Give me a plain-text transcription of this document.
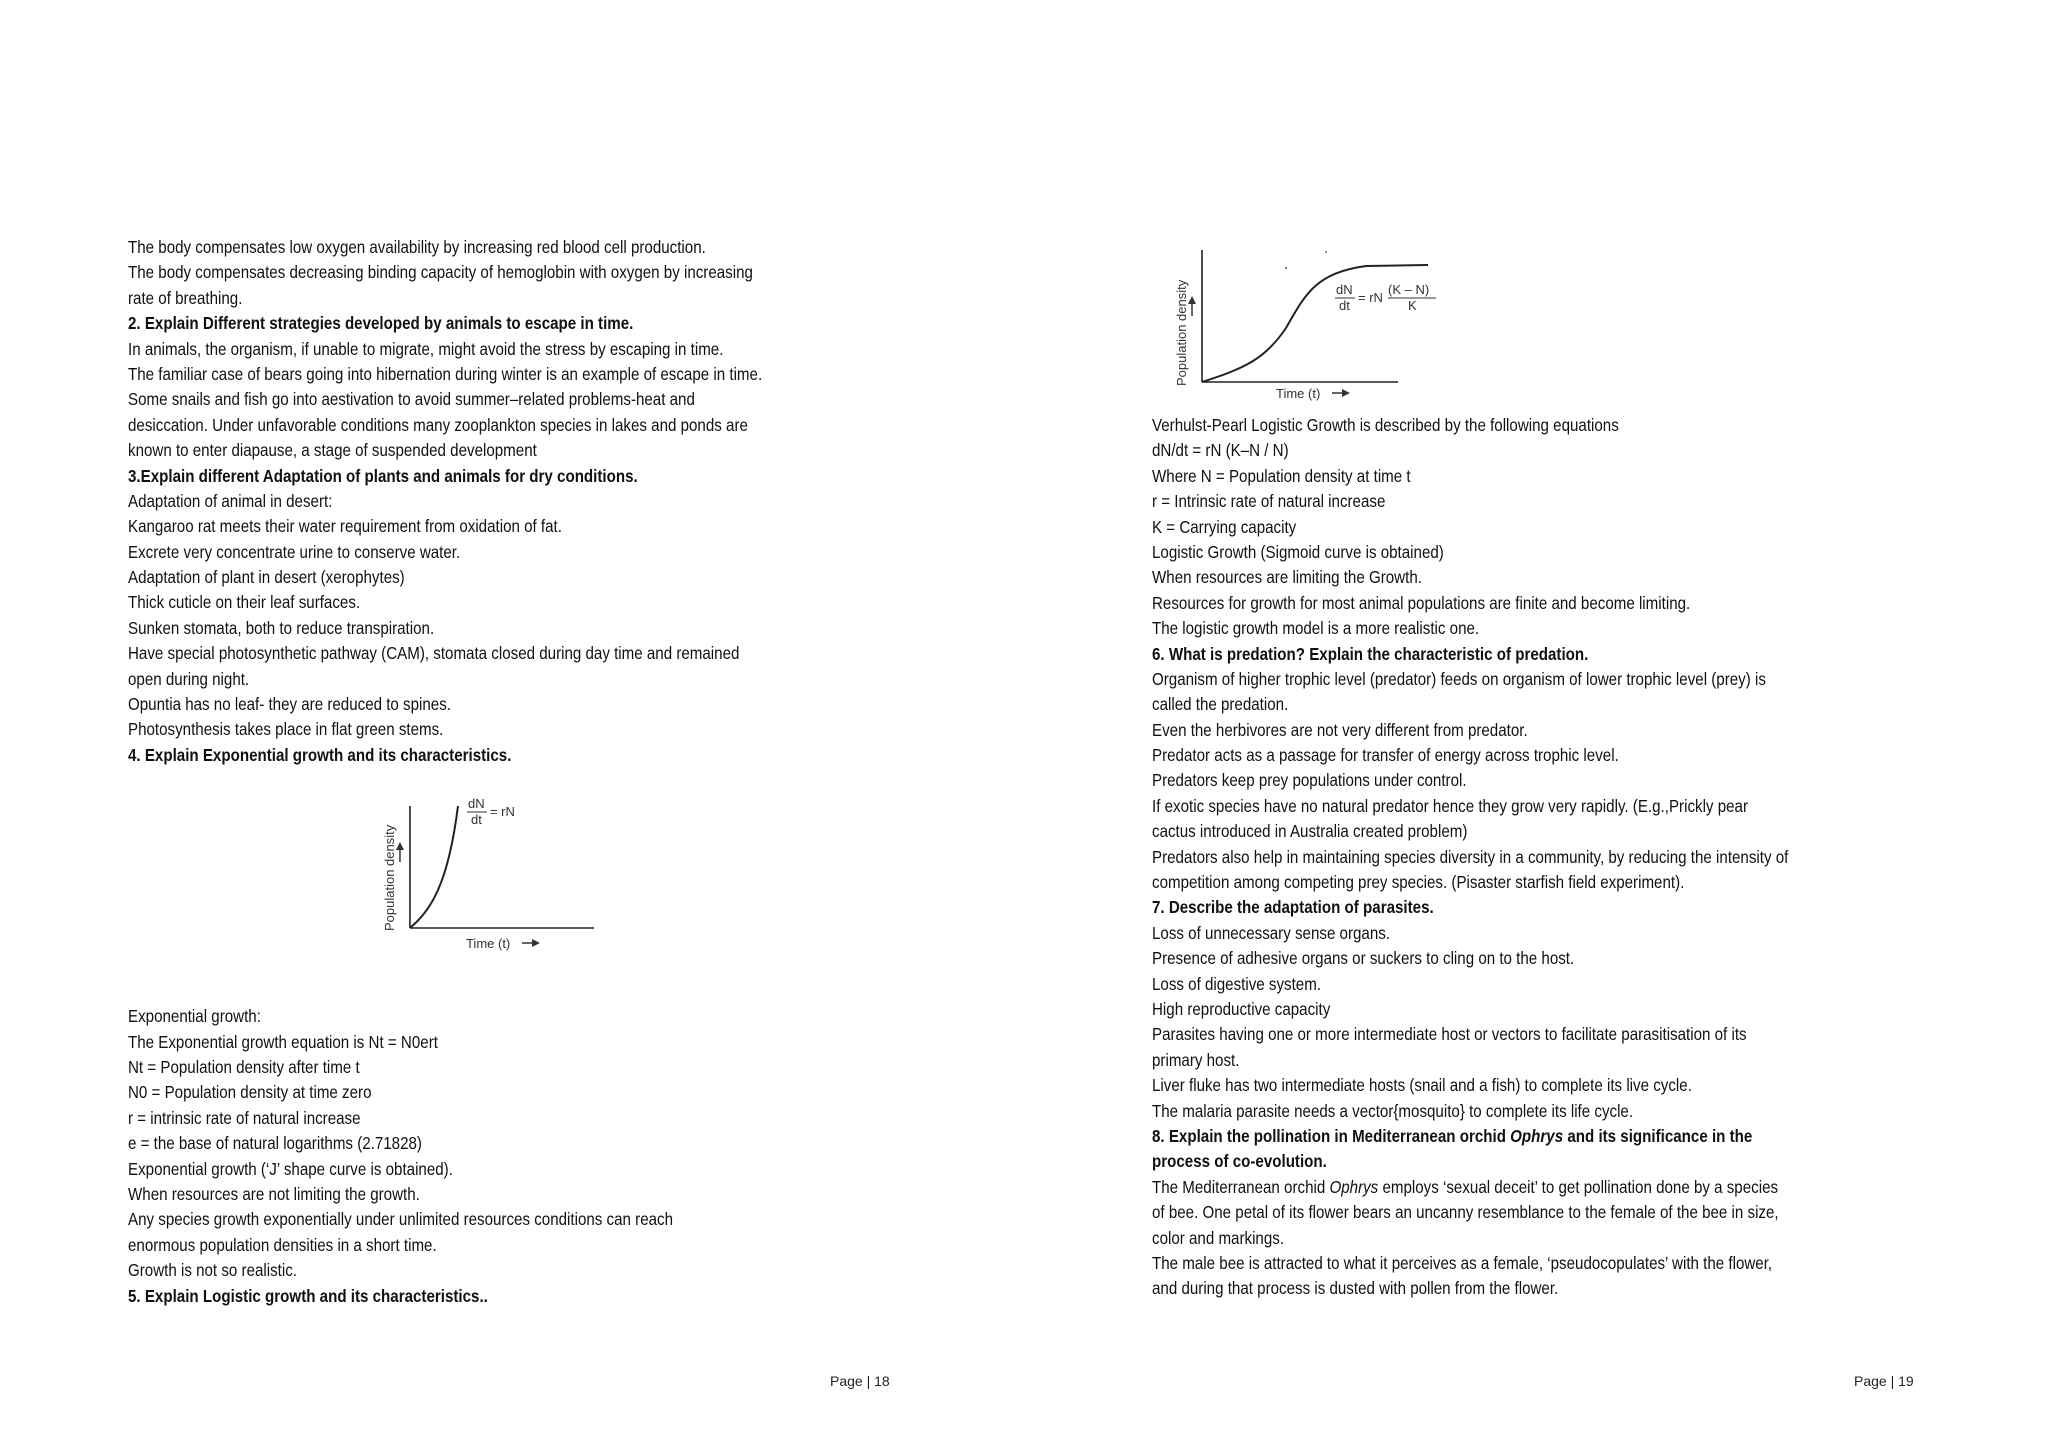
The body compensates low oxygen availability by increasing red blood cell production.
The body compensates decreasing binding capacity of hemoglobin with oxygen by increasing
rate of breathing.
2. Explain Different strategies developed by animals to escape in time.
In animals, the organism, if unable to migrate, might avoid the stress by escaping in time.
The familiar case of bears going into hibernation during winter is an example of escape in time.
Some snails and fish go into aestivation to avoid summer–related problems-heat and
desiccation. Under unfavorable conditions many zooplankton species in lakes and ponds are
known to enter diapause, a stage of suspended development
3.Explain different Adaptation of plants and animals for dry conditions.
Adaptation of animal in desert:
Kangaroo rat meets their water requirement from oxidation of fat.
Excrete very concentrate urine to conserve water.
Adaptation of plant in desert (xerophytes)
Thick cuticle on their leaf surfaces.
Sunken stomata, both to reduce transpiration.
Have special photosynthetic pathway (CAM), stomata closed during day time and remained
open during night.
Opuntia has no leaf- they are reduced to spines.
Photosynthesis takes place in flat green stems.
4. Explain Exponential growth and its characteristics.
Population density
Time (t)
dN
dt
= rN
Exponential growth:
The Exponential growth equation is Nt = N0ert
Nt = Population density after time t
N0 = Population density at time zero
r = intrinsic rate of natural increase
e = the base of natural logarithms (2.71828)
Exponential growth (‘J’ shape curve is obtained).
When resources are not limiting the growth.
Any species growth exponentially under unlimited resources conditions can reach
enormous population densities in a short time.
Growth is not so realistic.
5. Explain Logistic growth and its characteristics..
Population density
Time (t)
dN
dt
= rN
(K – N)
K
Verhulst-Pearl Logistic Growth is described by the following equations
dN/dt = rN (K–N / N)
Where N = Population density at time t
r = Intrinsic rate of natural increase
K = Carrying capacity
Logistic Growth (Sigmoid curve is obtained)
When resources are limiting the Growth.
Resources for growth for most animal populations are finite and become limiting.
The logistic growth model is a more realistic one.
6. What is predation? Explain the characteristic of predation.
Organism of higher trophic level (predator) feeds on organism of lower trophic level (prey) is
called the predation.
Even the herbivores are not very different from predator.
Predator acts as a passage for transfer of energy across trophic level.
Predators keep prey populations under control.
If exotic species have no natural predator hence they grow very rapidly. (E.g.,Prickly pear
cactus introduced in Australia created problem)
Predators also help in maintaining species diversity in a community, by reducing the intensity of
competition among competing prey species. (Pisaster starfish field experiment).
7. Describe the adaptation of parasites.
Loss of unnecessary sense organs.
Presence of adhesive organs or suckers to cling on to the host.
Loss of digestive system.
High reproductive capacity
Parasites having one or more intermediate host or vectors to facilitate parasitisation of its
primary host.
Liver fluke has two intermediate hosts (snail and a fish) to complete its live cycle.
The malaria parasite needs a vector{mosquito} to complete its life cycle.
8. Explain the pollination in Mediterranean orchid Ophrys and its significance in the
process of co-evolution.
The Mediterranean orchid Ophrys employs ‘sexual deceit’ to get pollination done by a species
of bee. One petal of its flower bears an uncanny resemblance to the female of the bee in size,
color and markings.
The male bee is attracted to what it perceives as a female, ‘pseudocopulates’ with the flower,
and during that process is dusted with pollen from the flower.
Page | 18	Page | 19
